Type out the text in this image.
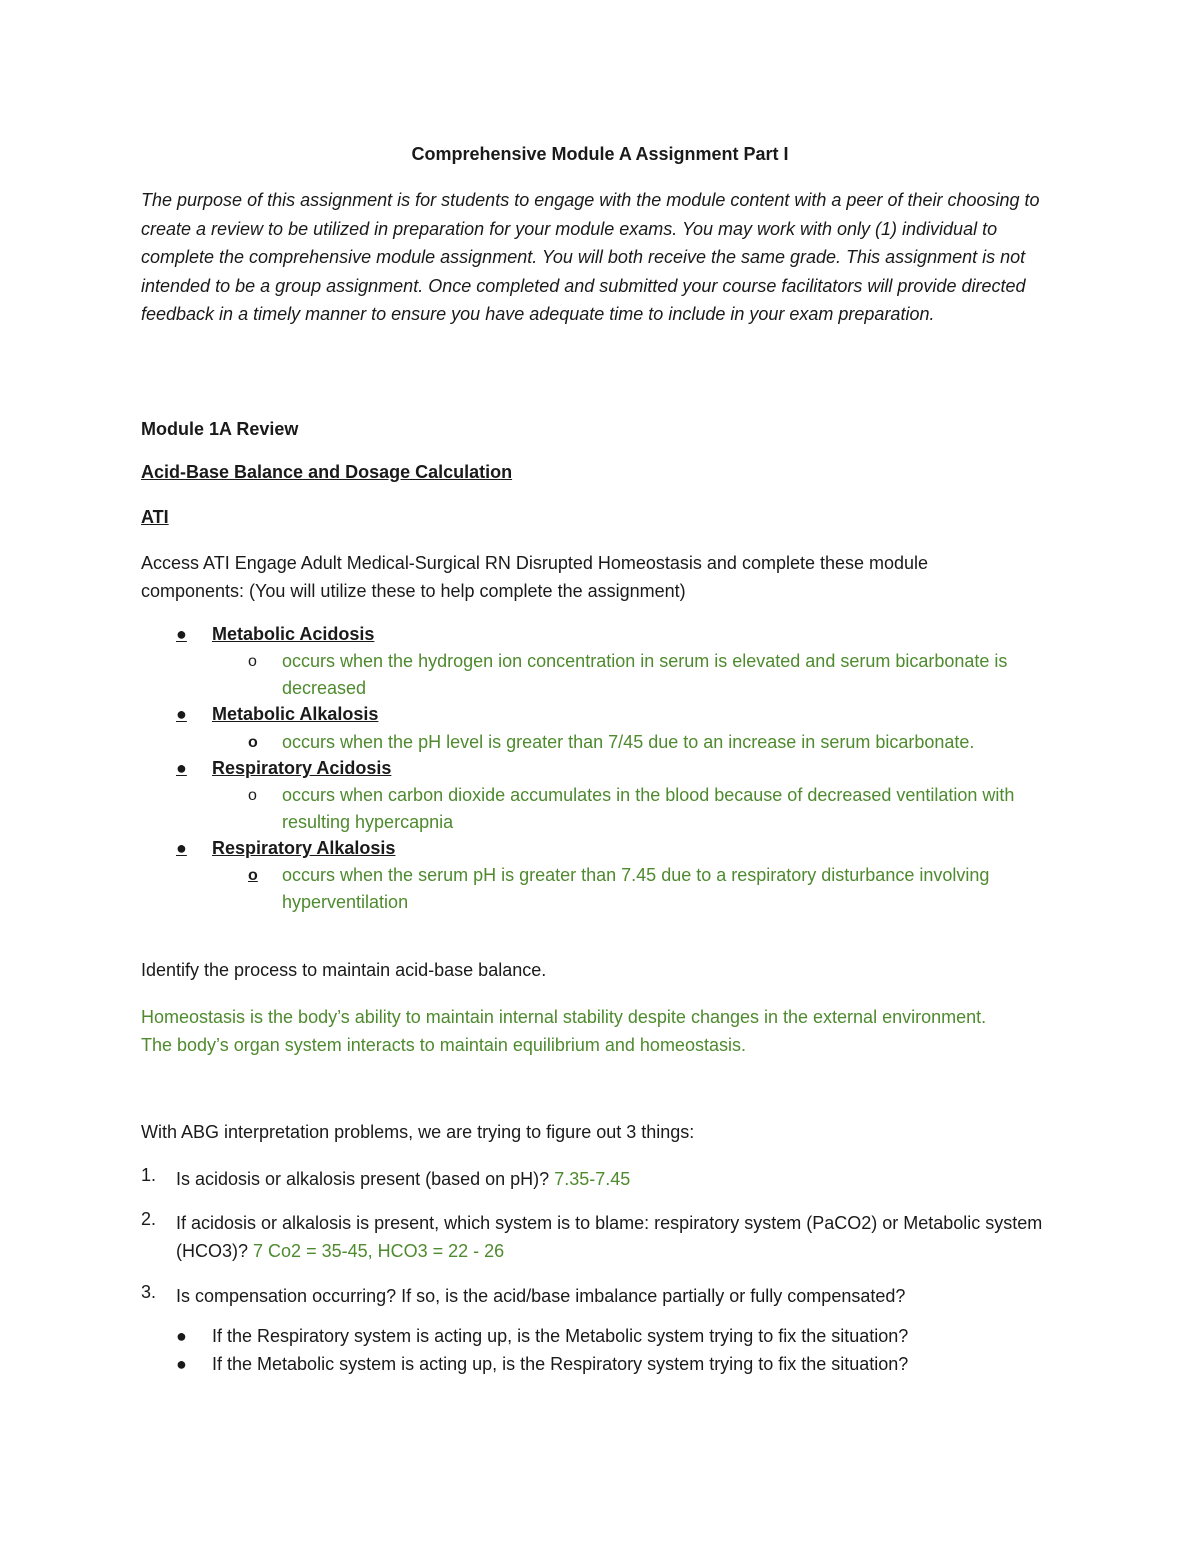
Comprehensive Module A Assignment Part I

The purpose of this assignment is for students to engage with the module content with a peer of their choosing to create a review to be utilized in preparation for your module exams. You may work with only (1) individual to complete the comprehensive module assignment. You will both receive the same grade. This assignment is not intended to be a group assignment. Once completed and submitted your course facilitators will provide directed feedback in a timely manner to ensure you have adequate time to include in your exam preparation.

Module 1A Review
Acid-Base Balance and Dosage Calculation
ATI

Access ATI Engage Adult Medical-Surgical RN Disrupted Homeostasis and complete these module components: (You will utilize these to help complete the assignment)

● Metabolic Acidosis
o occurs when the hydrogen ion concentration in serum is elevated and serum bicarbonate is decreased
● Metabolic Alkalosis
o occurs when the pH level is greater than 7/45 due to an increase in serum bicarbonate.
● Respiratory Acidosis
o occurs when carbon dioxide accumulates in the blood because of decreased ventilation with resulting hypercapnia
● Respiratory Alkalosis
o	occurs when the serum pH is greater than 7.45 due to a respiratory disturbance involving hyperventilation
Identify the process to maintain acid-base balance.

Homeostasis is the body’s ability to maintain internal stability despite changes in the external environment. The body’s organ system interacts to maintain equilibrium and homeostasis.

With ABG interpretation problems, we are trying to figure out 3 things:
1.	Is acidosis or alkalosis present (based on pH)? 7.35-7.45
2.	If acidosis or alkalosis is present, which system is to blame: respiratory system (PaCO2) or Metabolic system (HCO3)? 7 Co2 = 35-45, HCO3 = 22 - 26
3.	Is compensation occurring? If so, is the acid/base imbalance partially or fully compensated?
● If the Respiratory system is acting up, is the Metabolic system trying to fix the situation?
● If the Metabolic system is acting up, is the Respiratory system trying to fix the situation?
